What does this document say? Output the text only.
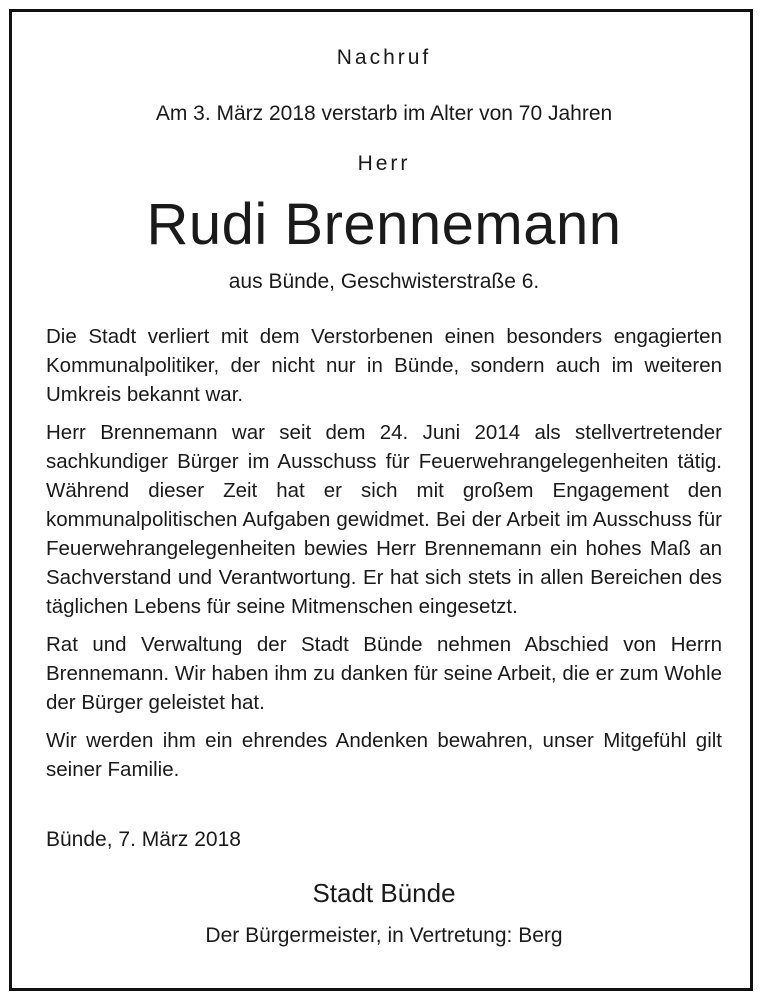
Nachruf
Am 3. März 2018 verstarb im Alter von 70 Jahren
Herr
Rudi Brennemann
aus Bünde, Geschwisterstraße 6.

Die Stadt verliert mit dem Verstorbenen einen besonders engagierten Kommunalpolitiker, der nicht nur in Bünde, sondern auch im weiteren Umkreis bekannt war.

Herr Brennemann war seit dem 24. Juni 2014 als stellvertretender sachkundiger Bürger im Ausschuss für Feuerwehrangelegenheiten tätig. Während dieser Zeit hat er sich mit großem Engagement den kommunalpolitischen Aufgaben gewidmet. Bei der Arbeit im Ausschuss für Feuerwehrangelegenheiten bewies Herr Brennemann ein hohes Maß an Sachverstand und Verantwortung. Er hat sich stets in allen Bereichen des täglichen Lebens für seine Mitmenschen eingesetzt.

Rat und Verwaltung der Stadt Bünde nehmen Abschied von Herrn Brennemann. Wir haben ihm zu danken für seine Arbeit, die er zum Wohle der Bürger geleistet hat.

Wir werden ihm ein ehrendes Andenken bewahren, unser Mitgefühl gilt seiner Familie.

Bünde, 7. März 2018
Stadt Bünde
Der Bürgermeister, in Vertretung: Berg
